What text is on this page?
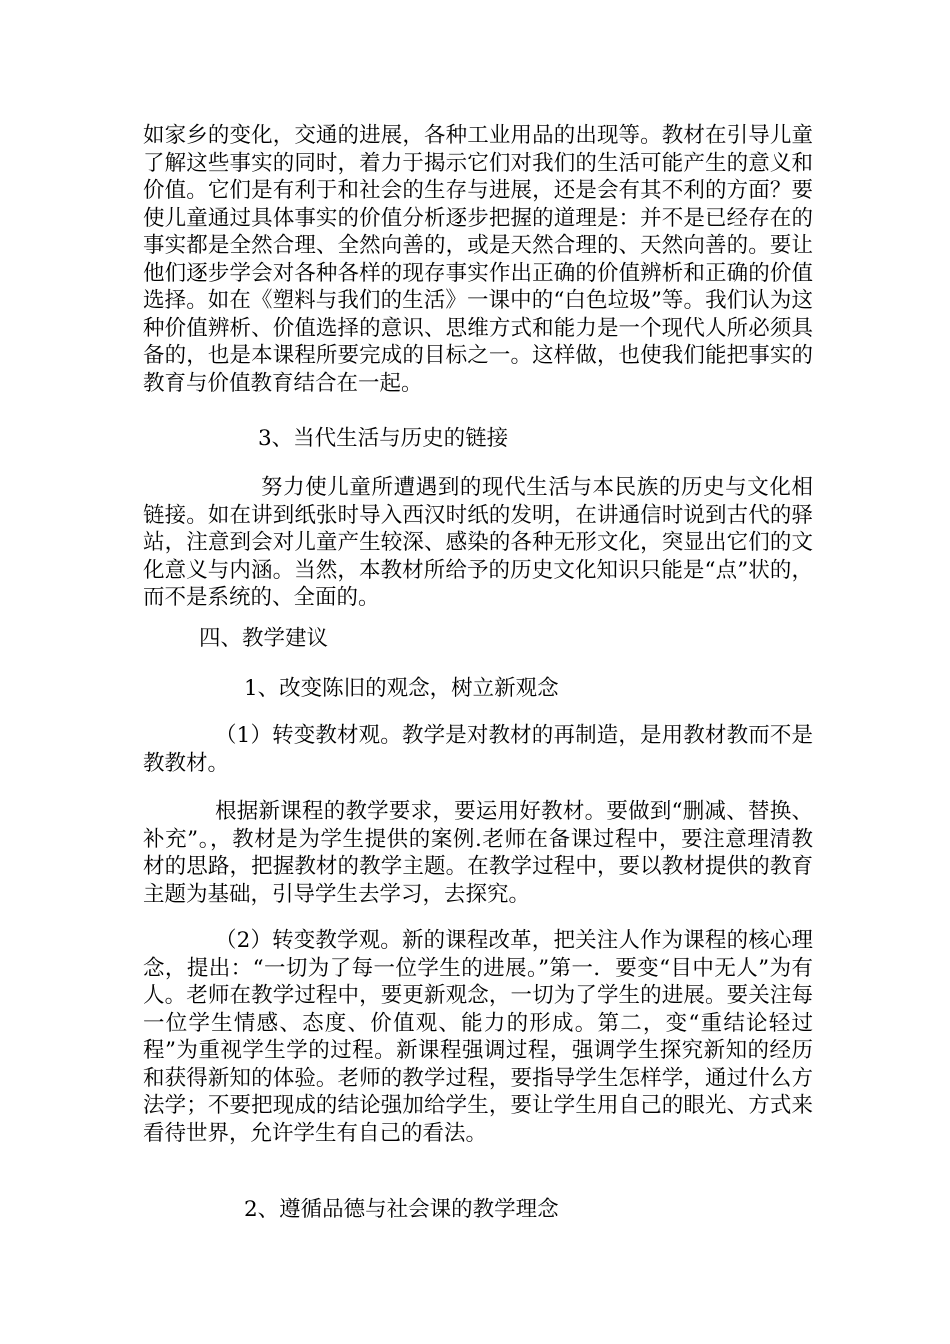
如家乡的变化，交通的进展，各种工业用品的出现等。教材在引导儿童了解这些事实的同时，着力于揭示它们对我们的生活可能产生的意义和价值。它们是有利于和社会的生存与进展，还是会有其不利的方面？要使儿童通过具体事实的价值分析逐步把握的道理是：并不是已经存在的事实都是全然合理、全然向善的，或是天然合理的、天然向善的。要让他们逐步学会对各种各样的现存事实作出正确的价值辨析和正确的价值选择。如在《塑料与我们的生活》一课中的“白色垃圾”等。我们认为这种价值辨析、价值选择的意识、思维方式和能力是一个现代人所必须具备的，也是本课程所要完成的目标之一。这样做，也使我们能把事实的教育与价值教育结合在一起。

3、当代生活与历史的链接

努力使儿童所遭遇到的现代生活与本民族的历史与文化相链接。如在讲到纸张时导入西汉时纸的发明，在讲通信时说到古代的驿站，注意到会对儿童产生较深、感染的各种无形文化，突显出它们的文化意义与内涵。当然，本教材所给予的历史文化知识只能是“点”状的，而不是系统的、全面的。

四、教学建议

1、改变陈旧的观念，树立新观念

（1）转变教材观。教学是对教材的再制造，是用教材教而不是教教材。

根据新课程的教学要求，要运用好教材。要做到“删减、替换、补充”。，教材是为学生提供的案例.老师在备课过程中，要注意理清教材的思路，把握教材的教学主题。在教学过程中，要以教材提供的教育主题为基础，引导学生去学习，去探究。

（2）转变教学观。新的课程改革，把关注人作为课程的核心理念，提出：“一切为了每一位学生的进展。”第一．要变“目中无人”为有人。老师在教学过程中，要更新观念，一切为了学生的进展。要关注每一位学生情感、态度、价值观、能力的形成。第二，变“重结论轻过程”为重视学生学的过程。新课程强调过程，强调学生探究新知的经历和获得新知的体验。老师的教学过程，要指导学生怎样学，通过什么方法学；不要把现成的结论强加给学生，要让学生用自己的眼光、方式来看待世界，允许学生有自己的看法。

2、遵循品德与社会课的教学理念
